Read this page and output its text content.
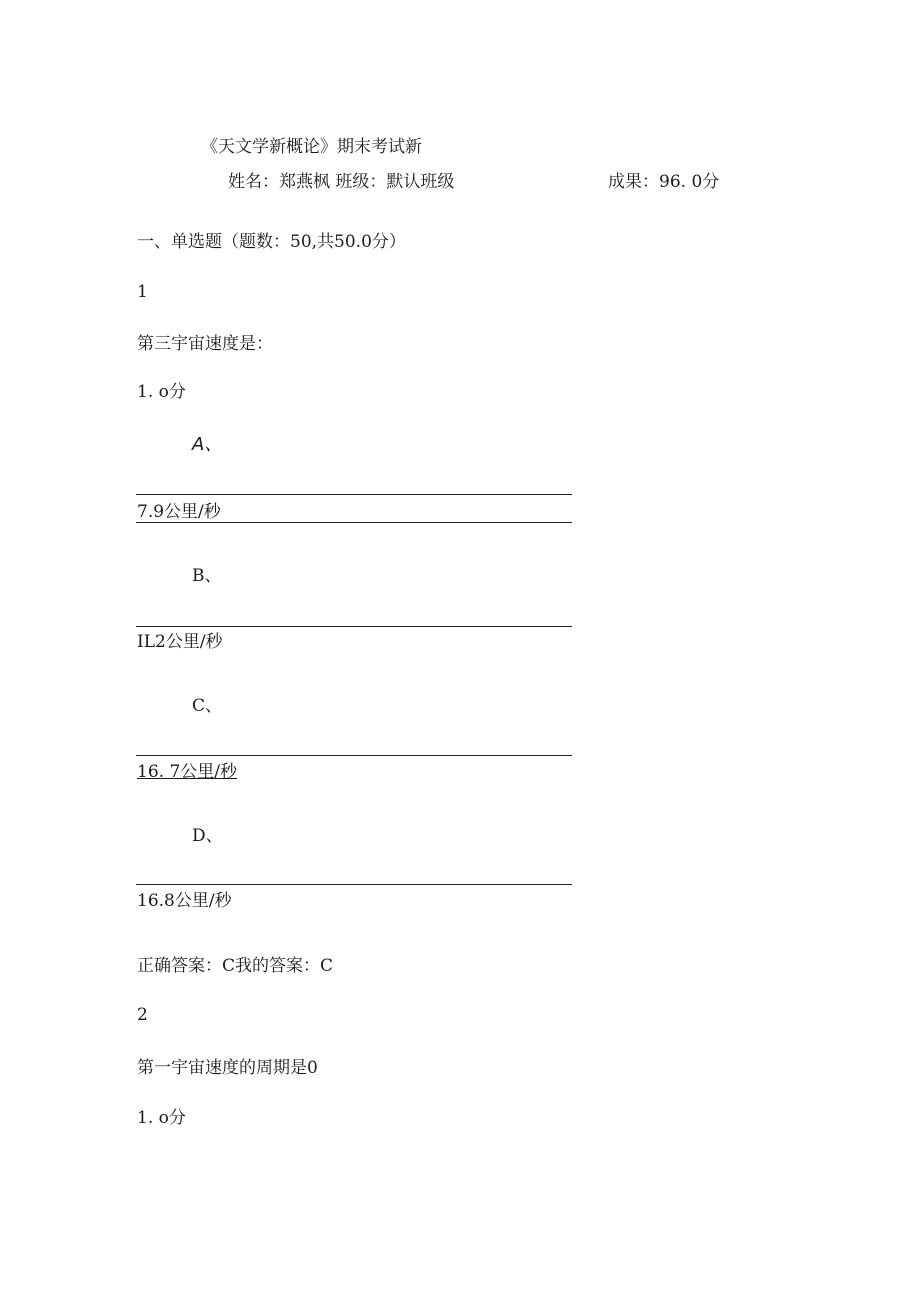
《天文学新概论》期末考试新

姓名：郑燕枫 班级：默认班级	成果：96. 0分

一、单选题（题数：50,共50.0分）

1

第三宇宙速度是：

1. o分

A、

7.9公里/秒

B、

IL2公里/秒

C、

16. 7公里/秒

D、

16.8公里/秒

正确答案：C我的答案：C

2

第一宇宙速度的周期是0

1. o分
